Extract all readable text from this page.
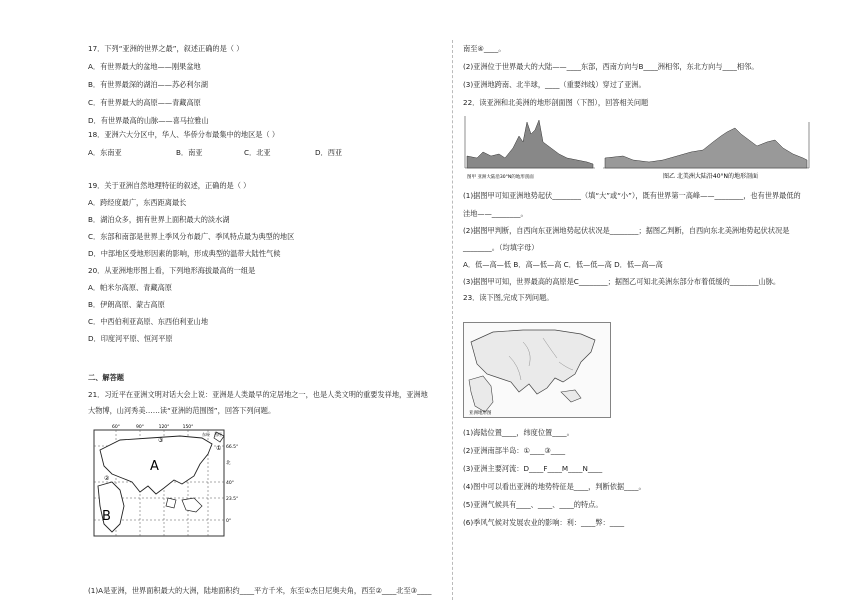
17．下列“亚洲的世界之最”，叙述正确的是（ ）
A．有世界最大的盆地——刚果盆地
B．有世界最深的湖泊——苏必利尔湖
C．有世界最大的高原——青藏高原
D．有世界最高的山脉——喜马拉雅山
18．亚洲六大分区中，华人、华侨分布最集中的地区是（ ）
A．东南亚	B．南亚	C．北亚	D．西亚
19．关于亚洲自然地理特征的叙述，正确的是（ ）
A．跨经度最广，东西距离最长
B．湖泊众多，拥有世界上面积最大的淡水湖
C．东部和南部是世界上季风分布最广、季风特点最为典型的地区
D．中部地区受地形因素的影响，形成典型的温带大陆性气候
20．从亚洲地形图上看，下列地形海拔最高的一组是
A．帕米尔高原、青藏高原
B．伊朗高原、蒙古高原
C．中西伯利亚高原、东西伯利亚山地
D．印度河平原、恒河平原
二、解答题
21．习近平在亚洲文明对话大会上说：亚洲是人类最早的定居地之一，也是人类文明的重要发祥地，亚洲地
大物博，山河秀美……读“亚洲的范围图”，回答下列问题。
60°	90°	120°	150°
东经 西经
66.5°
北
40°
23.5°
0°
A
B
①
②
③
(1)A是亚洲，世界面积最大的大洲，陆地面积约____平方千米，东至①杰日尼奥夫角，西至②____北至③____
南至④____。
(2)亚洲位于世界最大的大陆——____东部，西南方向与B____洲相邻，东北方向与____相邻。
(3)亚洲地跨南、北半球，____（重要纬线）穿过了亚洲。
22．读亚洲和北美洲的地形剖面图（下图），回答相关问题
图甲 亚洲大陆沿30°N的地形剖面	图乙 北美洲大陆沿40°N的地形剖面
(1)据图甲可知亚洲地势起伏________（填“大”或“小”），既有世界第一高峰——________，也有世界最低的
洼地——________。
(2)据图甲判断，自西向东亚洲地势起伏状况是________；据图乙判断，自西向东北美洲地势起伏状况是
________。（均填字母）
A．低—高—低 B．高—低—高 C．低—低—高 D．低—高—高
(3)据图甲可知，世界最高的高原是C________；据图乙可知北美洲东部分布着低缓的________山脉。
23．读下图,完成下列问题。
亚洲地形图
(1)海陆位置____，纬度位置____。
(2)亚洲南部半岛：①____③____
(3)亚洲主要河流：D____F____M____N____
(4)图中可以看出亚洲的地势特征是____，判断依据____。
(5)亚洲气候具有____、____、____的特点。
(6)季风气候对发展农业的影响：利：____弊：____
